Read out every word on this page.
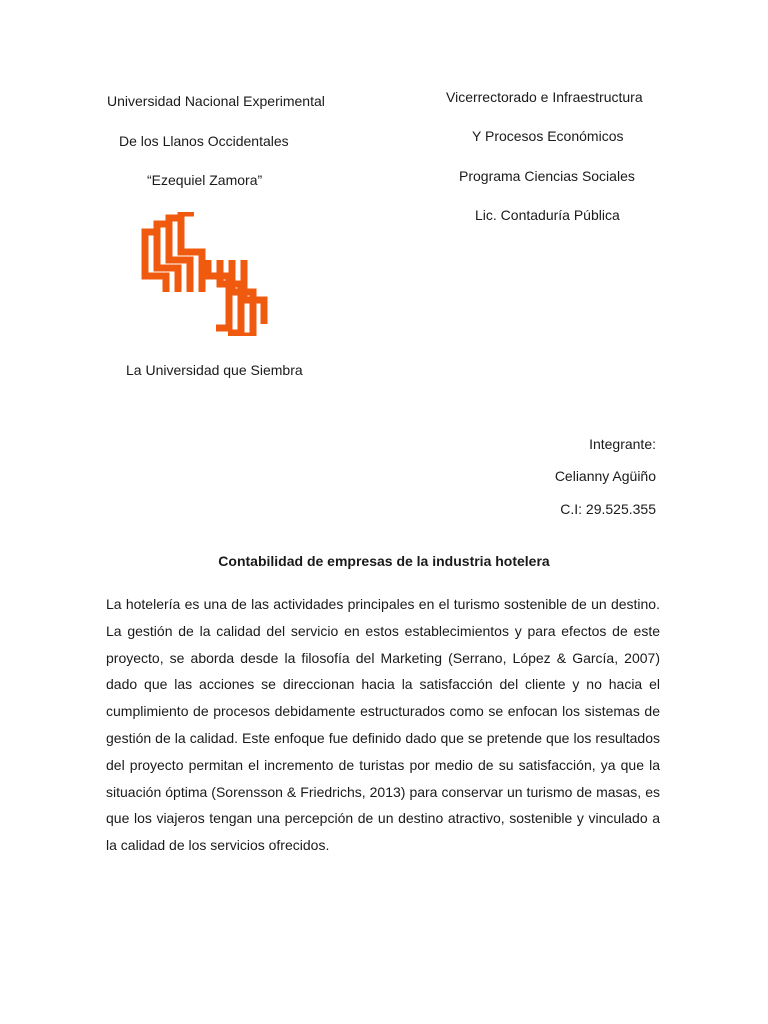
Universidad Nacional Experimental
De los Llanos Occidentales
“Ezequiel Zamora”
La Universidad que Siembra
Vicerrectorado e Infraestructura
Y Procesos Económicos
Programa Ciencias Sociales
Lic. Contaduría Pública
Integrante:
Celianny Agüiño
C.I: 29.525.355
Contabilidad de empresas de la industria hotelera

La hotelería es una de las actividades principales en el turismo sostenible de un destino. La gestión de la calidad del servicio en estos establecimientos y para efectos de este proyecto, se aborda desde la filosofía del Marketing (Serrano, López & García, 2007) dado que las acciones se direccionan hacia la satisfacción del cliente y no hacia el cumplimiento de procesos debidamente estructurados como se enfocan los sistemas de gestión de la calidad. Este enfoque fue definido dado que se pretende que los resultados del proyecto permitan el incremento de turistas por medio de su satisfacción, ya que la situación óptima (Sorensson & Friedrichs, 2013) para conservar un turismo de masas, es que los viajeros tengan una percepción de un destino atractivo, sostenible y vinculado a la calidad de los servicios ofrecidos.
